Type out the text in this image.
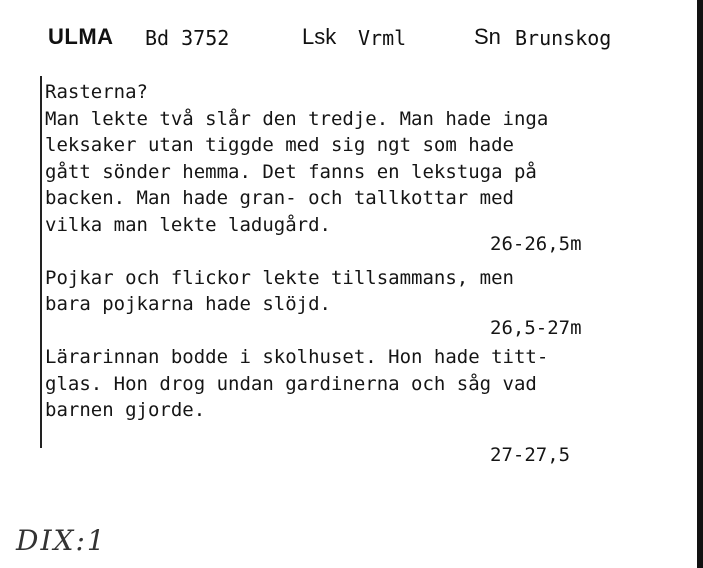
ULMA Bd 3752	Lsk Vrml	Sn Brunskog
Rasterna?
Man lekte två slår den tredje. Man hade inga
leksaker utan tiggde med sig ngt som hade
gått sönder hemma. Det fanns en lekstuga på
backen. Man hade gran- och tallkottar med
vilka man lekte ladugård.
Pojkar och flickor lekte tillsammans, men
bara pojkarna hade slöjd.
Lärarinnan bodde i skolhuset. Hon hade titt-
glas. Hon drog undan gardinerna och såg vad
barnen gjorde.
26-26,5m
26,5-27m
27-27,5
DIX:1
